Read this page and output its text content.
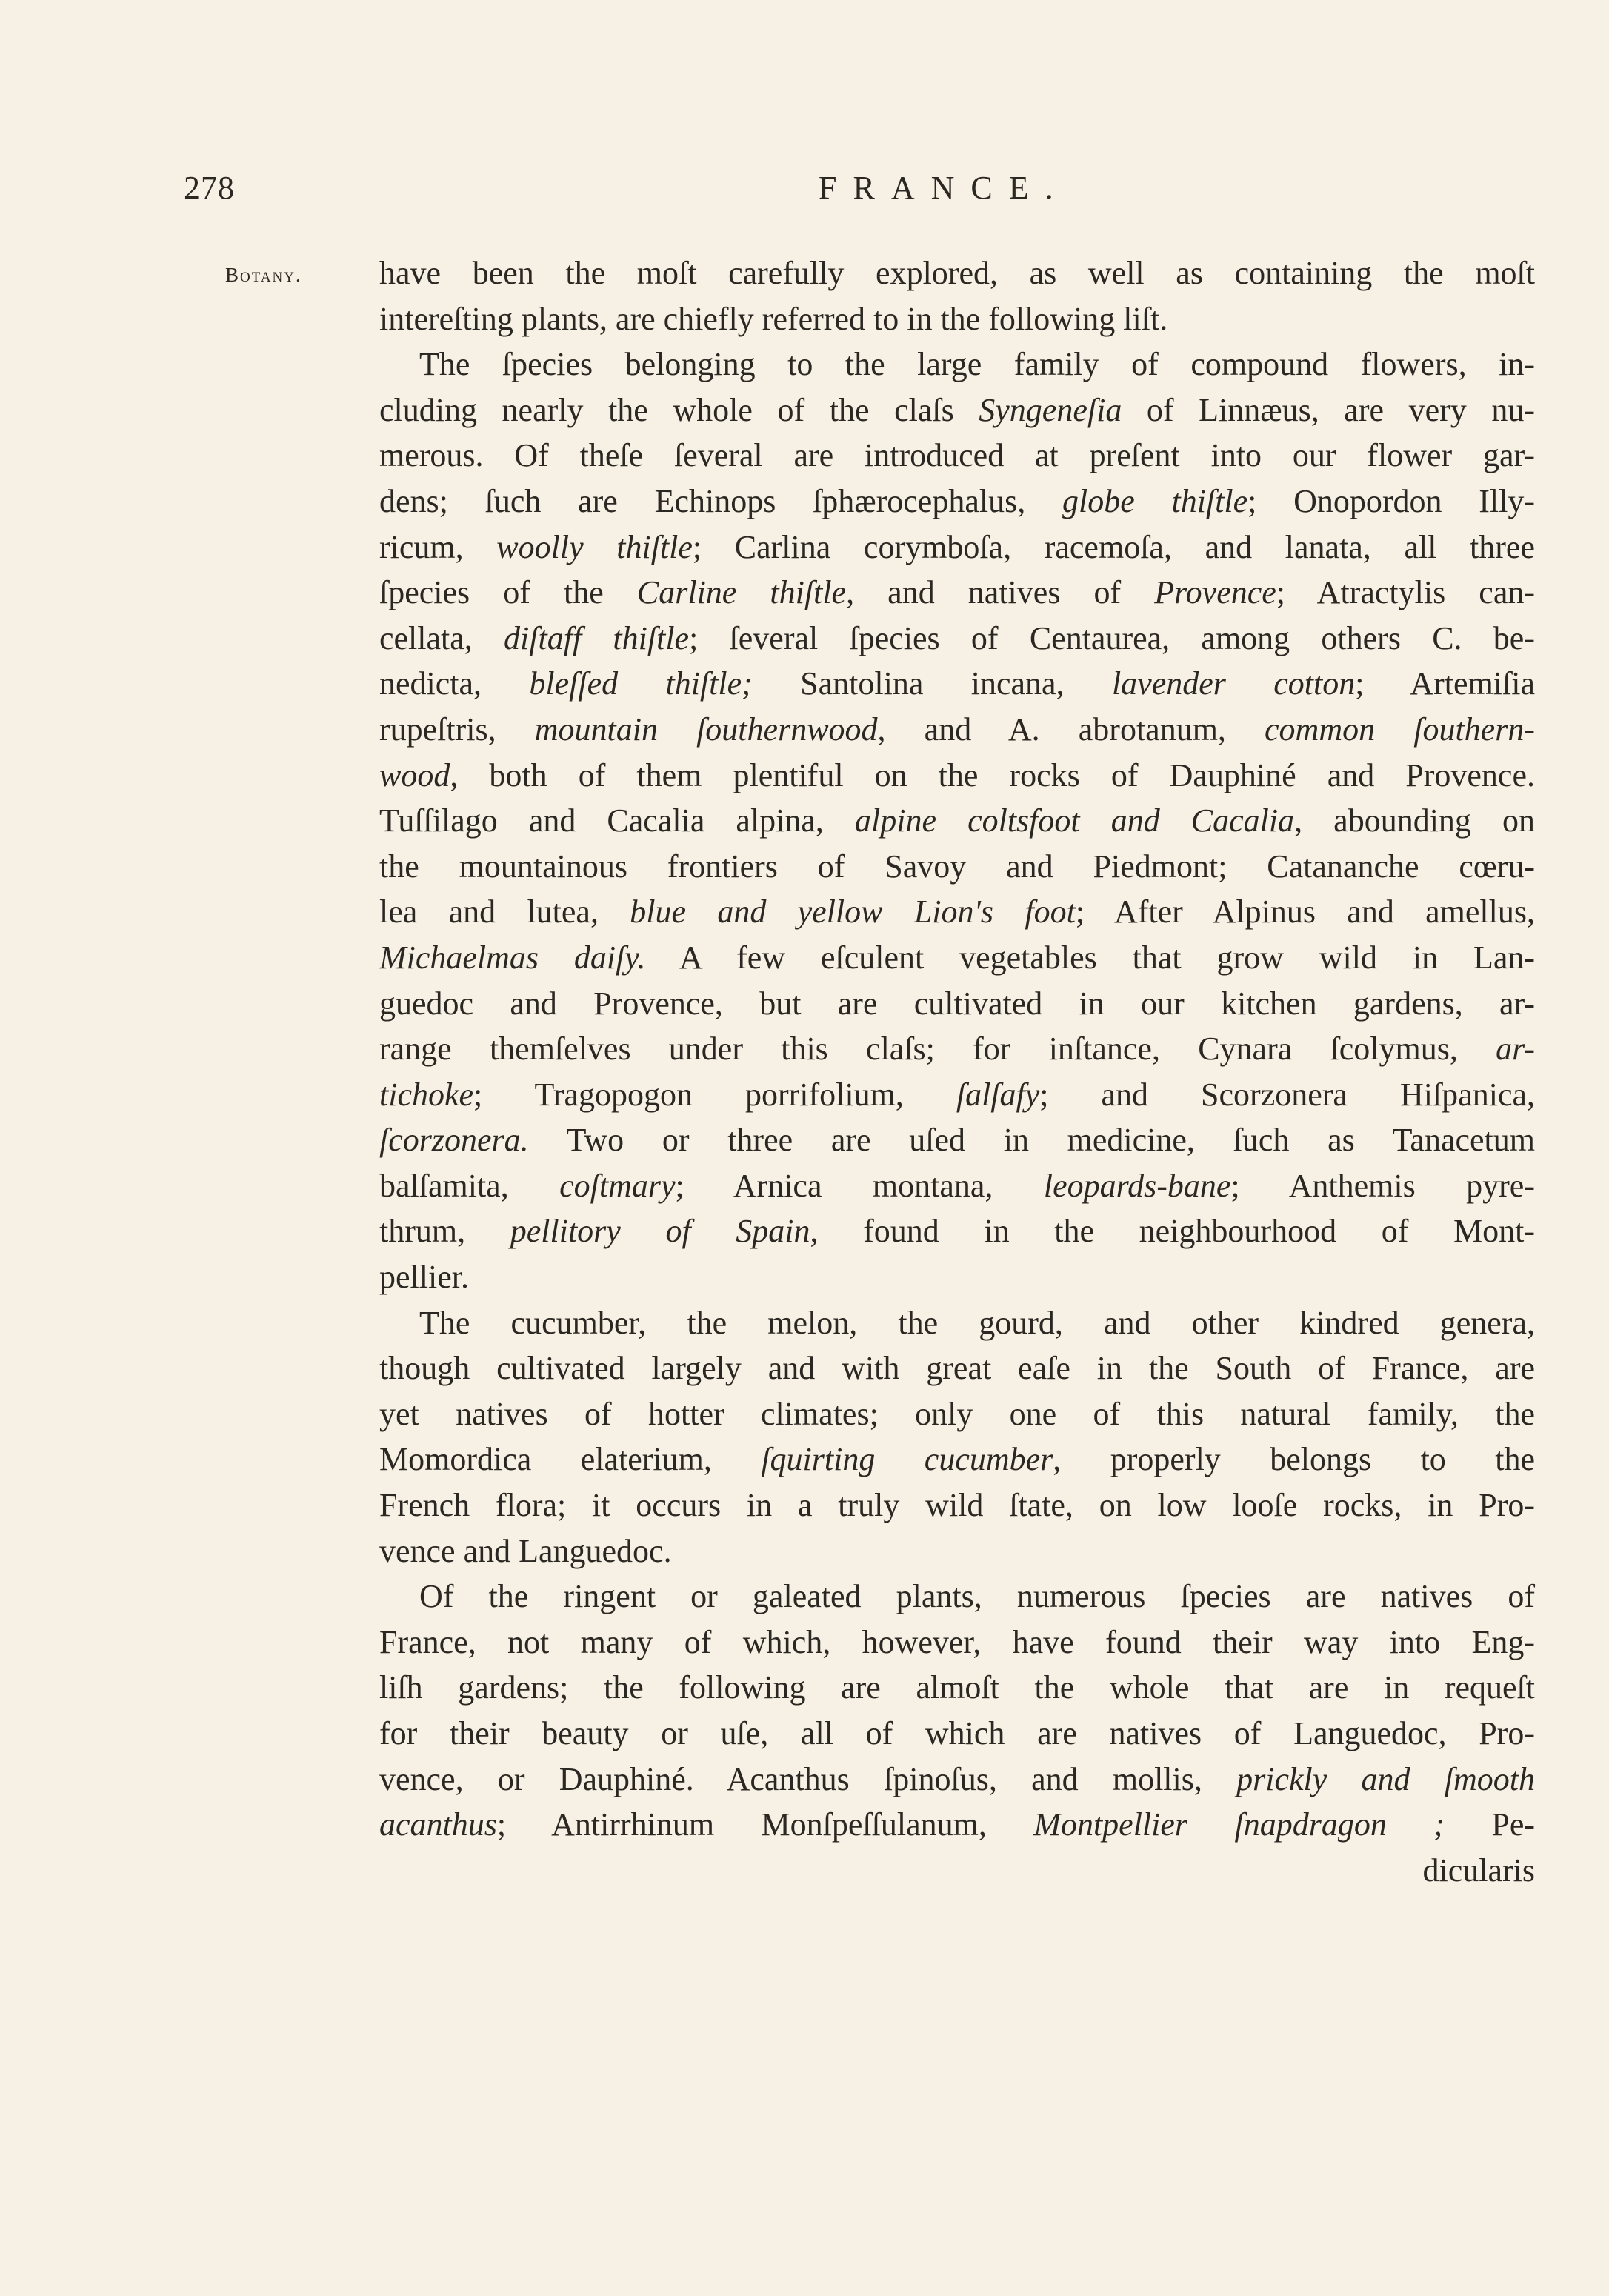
278	FRANCE.
Botany. have been the moſt carefully explored, as well as containing the moſt
intereſting plants, are chiefly referred to in the following liſt.
The ſpecies belonging to the large family of compound flowers, in-
cluding nearly the whole of the claſs Syngeneſia of Linnæus, are very nu-
merous. Of theſe ſeveral are introduced at preſent into our flower gar-
dens; ſuch are Echinops ſphærocephalus, globe thiſtle; Onopordon Illy-
ricum, woolly thiſtle; Carlina corymboſa, racemoſa, and lanata, all three
ſpecies of the Carline thiſtle, and natives of Provence; Atractylis can-
cellata, diſtaff thiſtle; ſeveral ſpecies of Centaurea, among others C. be-
nedicta, bleſſed thiſtle; Santolina incana, lavender cotton; Artemiſia
rupeſtris, mountain ſouthernwood, and A. abrotanum, common ſouthern-
wood, both of them plentiful on the rocks of Dauphiné and Provence.
Tuſſilago and Cacalia alpina, alpine coltsfoot and Cacalia, abounding on
the mountainous frontiers of Savoy and Piedmont; Catananche cœru-
lea and lutea, blue and yellow Lion's foot; After Alpinus and amellus,
Michaelmas daiſy. A few eſculent vegetables that grow wild in Lan-
guedoc and Provence, but are cultivated in our kitchen gardens, ar-
range themſelves under this claſs; for inſtance, Cynara ſcolymus, ar-
tichoke; Tragopogon porrifolium, ſalſafy; and Scorzonera Hiſpanica,
ſcorzonera. Two or three are uſed in medicine, ſuch as Tanacetum
balſamita, coſtmary; Arnica montana, leopards-bane; Anthemis pyre-
thrum, pellitory of Spain, found in the neighbourhood of Mont-
pellier.
The cucumber, the melon, the gourd, and other kindred genera,
though cultivated largely and with great eaſe in the South of France, are
yet natives of hotter climates; only one of this natural family, the
Momordica elaterium, ſquirting cucumber, properly belongs to the
French flora; it occurs in a truly wild ſtate, on low looſe rocks, in Pro-
vence and Languedoc.
Of the ringent or galeated plants, numerous ſpecies are natives of
France, not many of which, however, have found their way into Eng-
liſh gardens; the following are almoſt the whole that are in requeſt
for their beauty or uſe, all of which are natives of Languedoc, Pro-
vence, or Dauphiné. Acanthus ſpinoſus, and mollis, prickly and ſmooth
acanthus; Antirrhinum Monſpeſſulanum, Montpellier ſnapdragon ; Pe-
dicularis
